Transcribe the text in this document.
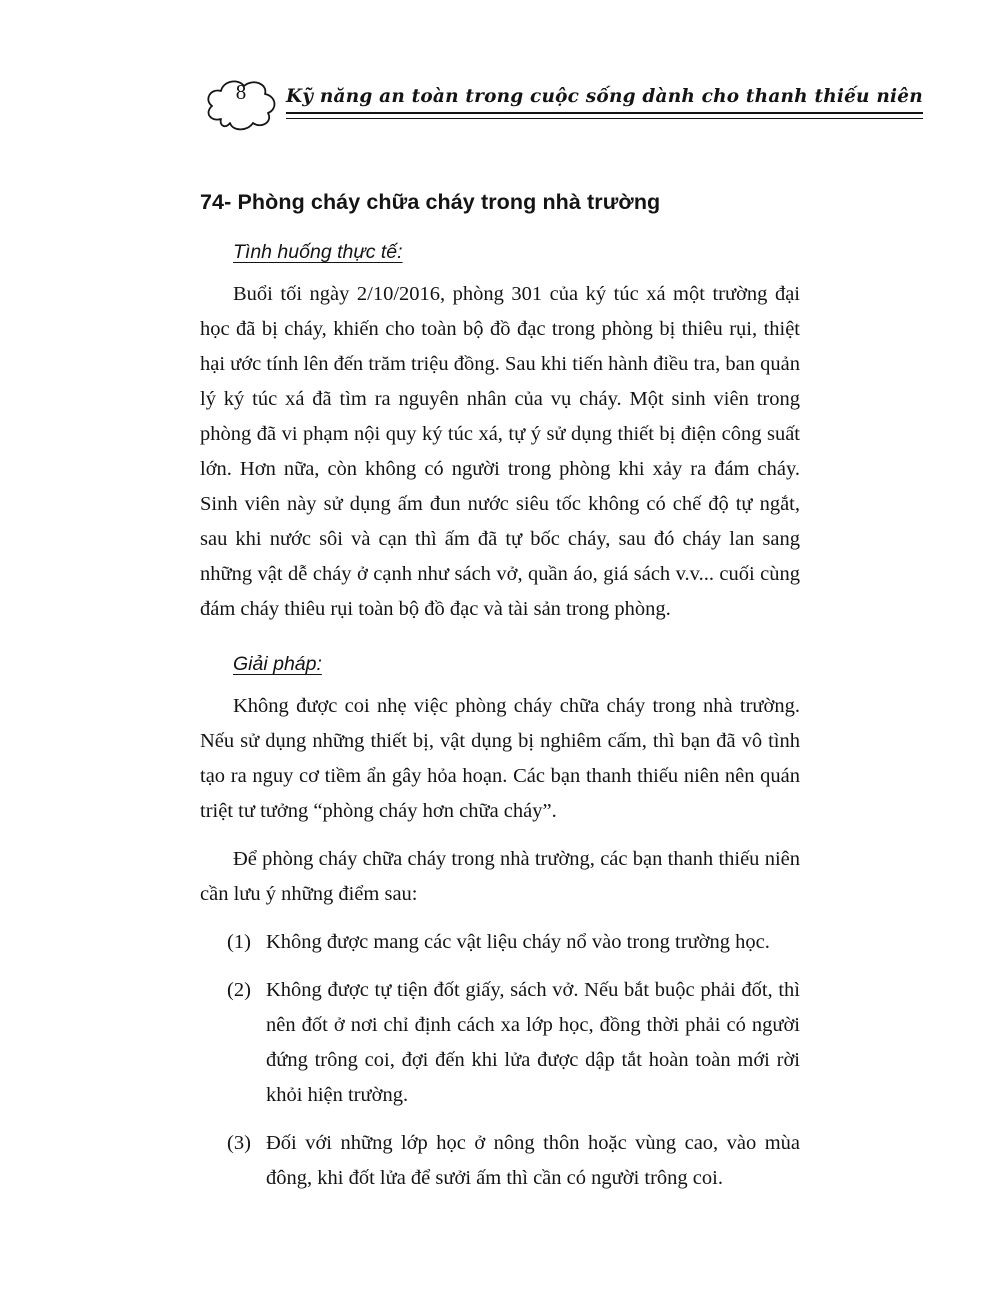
8	Kỹ năng an toàn trong cuộc sống dành cho thanh thiếu niên
74- Phòng cháy chữa cháy trong nhà trường
Tình huống thực tế:

Buổi tối ngày 2/10/2016, phòng 301 của ký túc xá một trường đại học đã bị cháy, khiến cho toàn bộ đồ đạc trong phòng bị thiêu rụi, thiệt hại ước tính lên đến trăm triệu đồng. Sau khi tiến hành điều tra, ban quản lý ký túc xá đã tìm ra nguyên nhân của vụ cháy. Một sinh viên trong phòng đã vi phạm nội quy ký túc xá, tự ý sử dụng thiết bị điện công suất lớn. Hơn nữa, còn không có người trong phòng khi xảy ra đám cháy. Sinh viên này sử dụng ấm đun nước siêu tốc không có chế độ tự ngắt, sau khi nước sôi và cạn thì ấm đã tự bốc cháy, sau đó cháy lan sang những vật dễ cháy ở cạnh như sách vở, quần áo, giá sách v.v... cuối cùng đám cháy thiêu rụi toàn bộ đồ đạc và tài sản trong phòng.

Giải pháp:

Không được coi nhẹ việc phòng cháy chữa cháy trong nhà trường. Nếu sử dụng những thiết bị, vật dụng bị nghiêm cấm, thì bạn đã vô tình tạo ra nguy cơ tiềm ẩn gây hỏa hoạn. Các bạn thanh thiếu niên nên quán triệt tư tưởng “phòng cháy hơn chữa cháy”.

Để phòng cháy chữa cháy trong nhà trường, các bạn thanh thiếu niên cần lưu ý những điểm sau:

(1) Không được mang các vật liệu cháy nổ vào trong trường học.
(2) Không được tự tiện đốt giấy, sách vở. Nếu bắt buộc phải đốt, thì nên đốt ở nơi chỉ định cách xa lớp học, đồng thời phải có người đứng trông coi, đợi đến khi lửa được dập tắt hoàn toàn mới rời khỏi hiện trường.
(3) Đối với những lớp học ở nông thôn hoặc vùng cao, vào mùa đông, khi đốt lửa để sưởi ấm thì cần có người trông coi.
